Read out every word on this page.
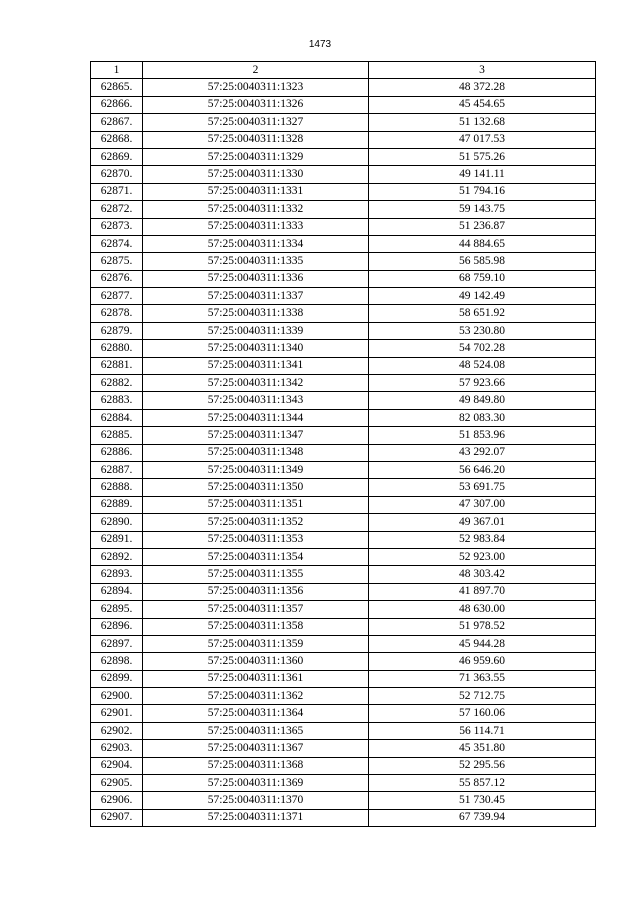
1473
1	2	3
62865.	57:25:0040311:1323	48 372.28
62866.	57:25:0040311:1326	45 454.65
62867.	57:25:0040311:1327	51 132.68
62868.	57:25:0040311:1328	47 017.53
62869.	57:25:0040311:1329	51 575.26
62870.	57:25:0040311:1330	49 141.11
62871.	57:25:0040311:1331	51 794.16
62872.	57:25:0040311:1332	59 143.75
62873.	57:25:0040311:1333	51 236.87
62874.	57:25:0040311:1334	44 884.65
62875.	57:25:0040311:1335	56 585.98
62876.	57:25:0040311:1336	68 759.10
62877.	57:25:0040311:1337	49 142.49
62878.	57:25:0040311:1338	58 651.92
62879.	57:25:0040311:1339	53 230.80
62880.	57:25:0040311:1340	54 702.28
62881.	57:25:0040311:1341	48 524.08
62882.	57:25:0040311:1342	57 923.66
62883.	57:25:0040311:1343	49 849.80
62884.	57:25:0040311:1344	82 083.30
62885.	57:25:0040311:1347	51 853.96
62886.	57:25:0040311:1348	43 292.07
62887.	57:25:0040311:1349	56 646.20
62888.	57:25:0040311:1350	53 691.75
62889.	57:25:0040311:1351	47 307.00
62890.	57:25:0040311:1352	49 367.01
62891.	57:25:0040311:1353	52 983.84
62892.	57:25:0040311:1354	52 923.00
62893.	57:25:0040311:1355	48 303.42
62894.	57:25:0040311:1356	41 897.70
62895.	57:25:0040311:1357	48 630.00
62896.	57:25:0040311:1358	51 978.52
62897.	57:25:0040311:1359	45 944.28
62898.	57:25:0040311:1360	46 959.60
62899.	57:25:0040311:1361	71 363.55
62900.	57:25:0040311:1362	52 712.75
62901.	57:25:0040311:1364	57 160.06
62902.	57:25:0040311:1365	56 114.71
62903.	57:25:0040311:1367	45 351.80
62904.	57:25:0040311:1368	52 295.56
62905.	57:25:0040311:1369	55 857.12
62906.	57:25:0040311:1370	51 730.45
62907.	57:25:0040311:1371	67 739.94
